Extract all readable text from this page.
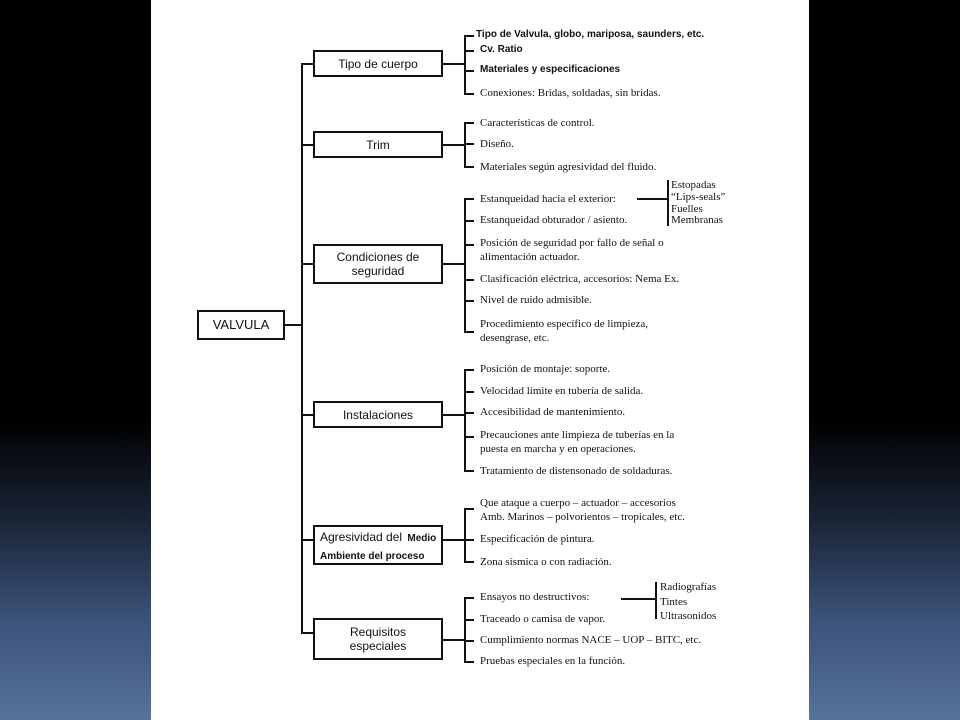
VALVULA
Tipo de cuerpo
Tipo de Valvula, globo, mariposa, saunders, etc.
Cv. Ratio
Materiales y especificaciones
Conexiones: Bridas, soldadas, sin bridas.
Trim
Características de control.
Diseño.
Materiales según agresividad del fluido.
Condiciones de
seguridad
Estanqueidad hacia el exterior:
Estanqueidad obturador / asiento.
Posición de seguridad por fallo de señal o
alimentación actuador.
Clasificación eléctrica, accesorios: Nema Ex.
Nivel de ruido admisible.
Procedimiento específico de limpieza,
desengrase, etc.
Estopadas
“Lips-seals”
Fuelles
Membranas
Instalaciones
Posición de montaje: soporte.
Velocidad límite en tubería de salida.
Accesibilidad de mantenimiento.
Precauciones ante limpieza de tuberías en la
puesta en marcha y en operaciones.
Tratamiento de distensonado de soldaduras.
Agresividad del Medio
Ambiente del proceso
Que ataque a cuerpo – actuador – accesorios
Amb. Marinos – polvorientos – tropicales, etc.
Especificación de pintura.
Zona sísmica o con radiación.
Requisitos
especiales
Ensayos no destructivos:
Traceado o camisa de vapor.
Cumplimiento normas NACE – UOP – BITC, etc.
Pruebas especiales en la función.
Radiografías
Tintes
Ultrasonidos
